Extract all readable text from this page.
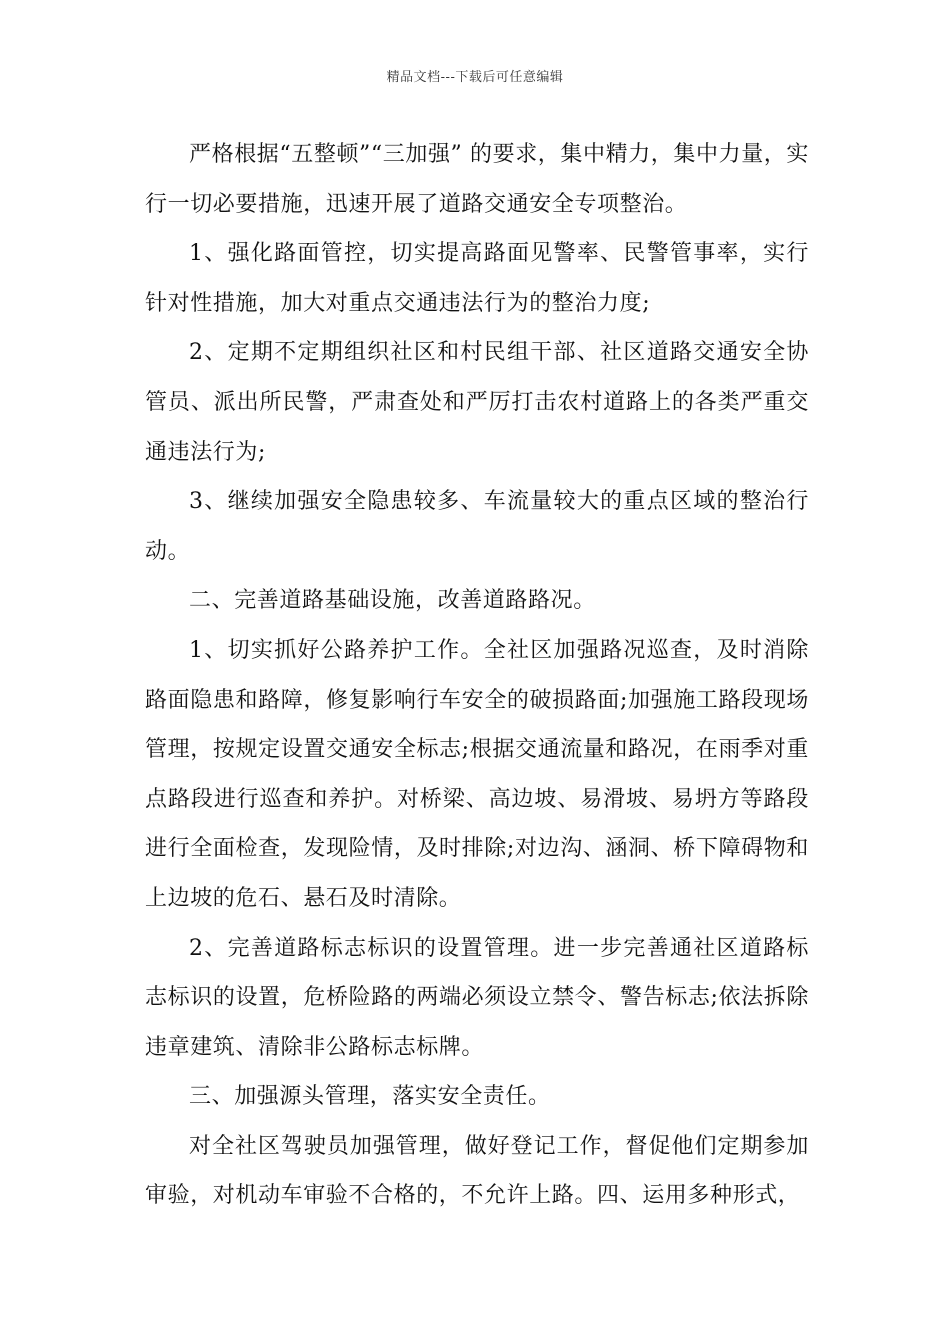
精品文档---下载后可任意编辑

严格根据“五整顿”“三加强” 的要求，集中精力，集中力量，实行一切必要措施，迅速开展了道路交通安全专项整治。

1、强化路面管控，切实提高路面见警率、民警管事率，实行针对性措施，加大对重点交通违法行为的整治力度;

2、定期不定期组织社区和村民组干部、社区道路交通安全协管员、派出所民警，严肃查处和严厉打击农村道路上的各类严重交通违法行为;

3、继续加强安全隐患较多、车流量较大的重点区域的整治行动。

二、完善道路基础设施，改善道路路况。

1、切实抓好公路养护工作。全社区加强路况巡查，及时消除路面隐患和路障，修复影响行车安全的破损路面;加强施工路段现场管理，按规定设置交通安全标志;根据交通流量和路况，在雨季对重点路段进行巡查和养护。对桥梁、高边坡、易滑坡、易坍方等路段进行全面检查，发现险情，及时排除;对边沟、涵洞、桥下障碍物和上边坡的危石、悬石及时清除。

2、完善道路标志标识的设置管理。进一步完善通社区道路标志标识的设置，危桥险路的两端必须设立禁令、警告标志;依法拆除违章建筑、清除非公路标志标牌。

三、加强源头管理，落实安全责任。

对全社区驾驶员加强管理，做好登记工作，督促他们定期参加审验，对机动车审验不合格的，不允许上路。四、运用多种形式，
